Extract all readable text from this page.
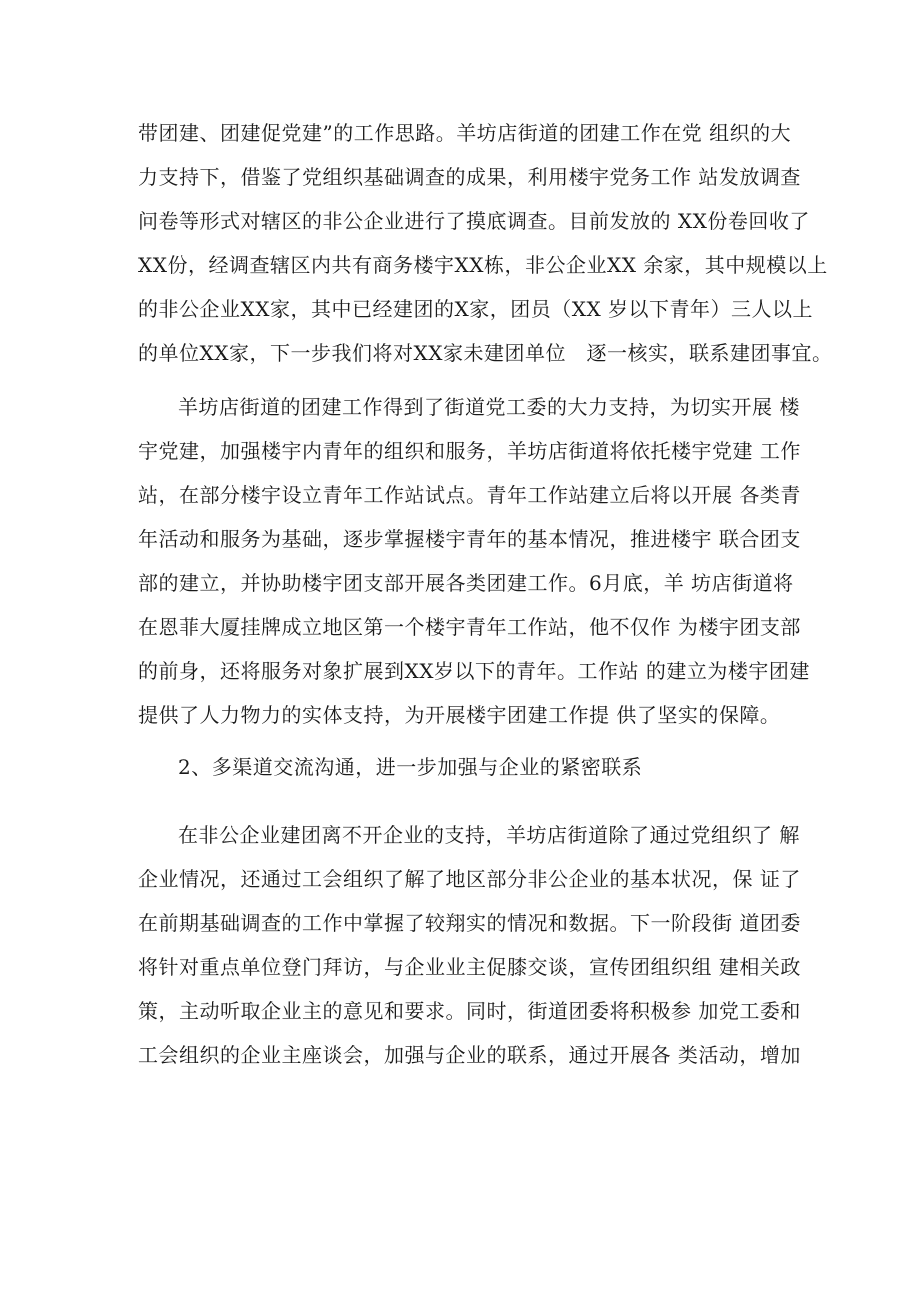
带团建、团建促党建”的工作思路。羊坊店街道的团建工作在党 组织的大
力支持下，借鉴了党组织基础调查的成果，利用楼宇党务工作 站发放调查
问卷等形式对辖区的非公企业进行了摸底调查。目前发放的 XX份卷回收了
XX份，经调查辖区内共有商务楼宇XX栋，非公企业XX 余家，其中规模以上
的非公企业XX家，其中已经建团的X家，团员（XX 岁以下青年）三人以上
的单位XX家，下一步我们将对XX家未建团单位　逐一核实，联系建团事宜。
羊坊店街道的团建工作得到了街道党工委的大力支持，为切实开展 楼
宇党建，加强楼宇内青年的组织和服务，羊坊店街道将依托楼宇党建 工作
站，在部分楼宇设立青年工作站试点。青年工作站建立后将以开展 各类青
年活动和服务为基础，逐步掌握楼宇青年的基本情况，推进楼宇 联合团支
部的建立，并协助楼宇团支部开展各类团建工作。6月底，羊 坊店街道将
在恩菲大厦挂牌成立地区第一个楼宇青年工作站，他不仅作 为楼宇团支部
的前身，还将服务对象扩展到XX岁以下的青年。工作站 的建立为楼宇团建
提供了人力物力的实体支持，为开展楼宇团建工作提 供了坚实的保障。
2、多渠道交流沟通，进一步加强与企业的紧密联系
在非公企业建团离不开企业的支持，羊坊店街道除了通过党组织了 解
企业情况，还通过工会组织了解了地区部分非公企业的基本状况，保 证了
在前期基础调查的工作中掌握了较翔实的情况和数据。下一阶段街 道团委
将针对重点单位登门拜访，与企业业主促膝交谈，宣传团组织组 建相关政
策，主动听取企业主的意见和要求。同时，街道团委将积极参 加党工委和
工会组织的企业主座谈会，加强与企业的联系，通过开展各 类活动，增加
